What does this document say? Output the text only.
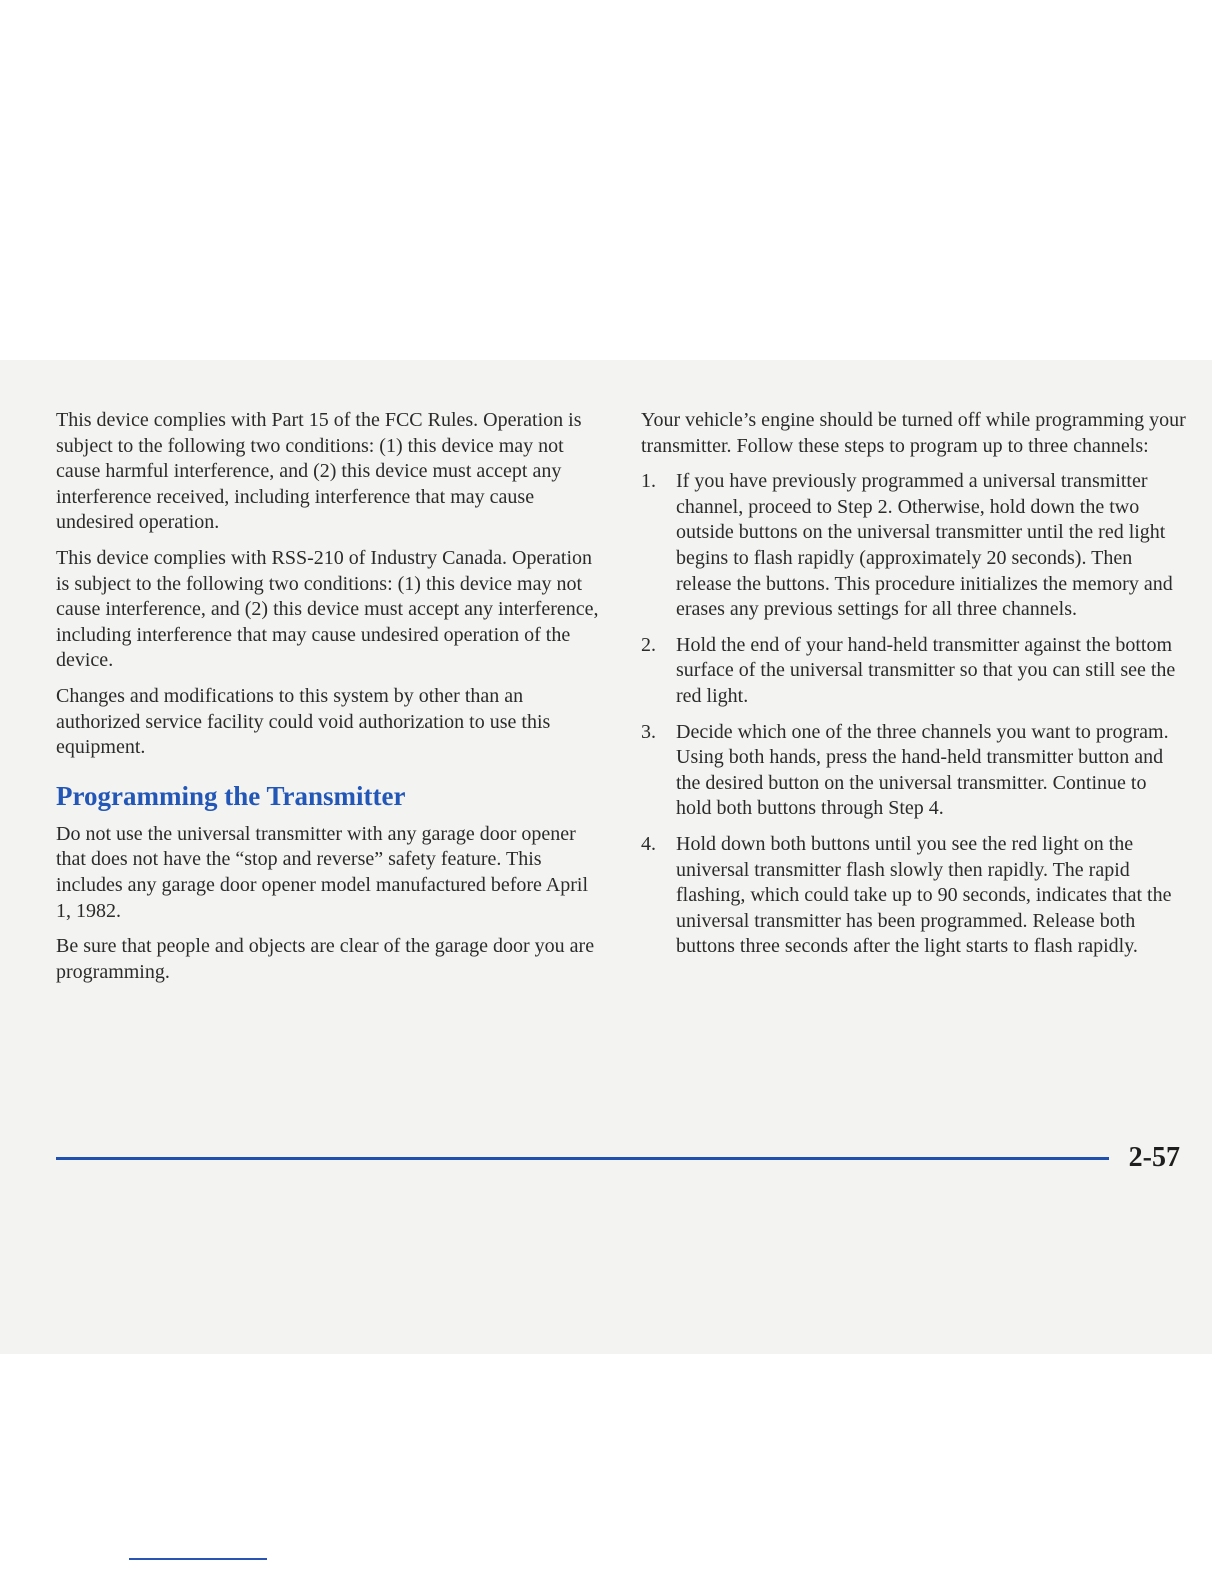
This device complies with Part 15 of the FCC Rules. Operation is subject to the following two conditions: (1) this device may not cause harmful interference, and (2) this device must accept any interference received, including interference that may cause undesired operation.

This device complies with RSS-210 of Industry Canada. Operation is subject to the following two conditions: (1) this device may not cause interference, and (2) this device must accept any interference, including interference that may cause undesired operation of the device.

Changes and modifications to this system by other than an authorized service facility could void authorization to use this equipment.

Programming the Transmitter

Do not use the universal transmitter with any garage door opener that does not have the “stop and reverse” safety feature. This includes any garage door opener model manufactured before April 1, 1982.

Be sure that people and objects are clear of the garage door you are programming.

Your vehicle’s engine should be turned off while programming your transmitter. Follow these steps to program up to three channels:

1.	If you have previously programmed a universal transmitter channel, proceed to Step 2. Otherwise, hold down the two outside buttons on the universal transmitter until the red light begins to flash rapidly (approximately 20 seconds). Then release the buttons. This procedure initializes the memory and erases any previous settings for all three channels.
2.	Hold the end of your hand-held transmitter against the bottom surface of the universal transmitter so that you can still see the red light.
3.	Decide which one of the three channels you want to program. Using both hands, press the hand-held transmitter button and the desired button on the universal transmitter. Continue to hold both buttons through Step 4.
4.	Hold down both buttons until you see the red light on the universal transmitter flash slowly then rapidly. The rapid flashing, which could take up to 90 seconds, indicates that the universal transmitter has been programmed. Release both buttons three seconds after the light starts to flash rapidly.
2-57
